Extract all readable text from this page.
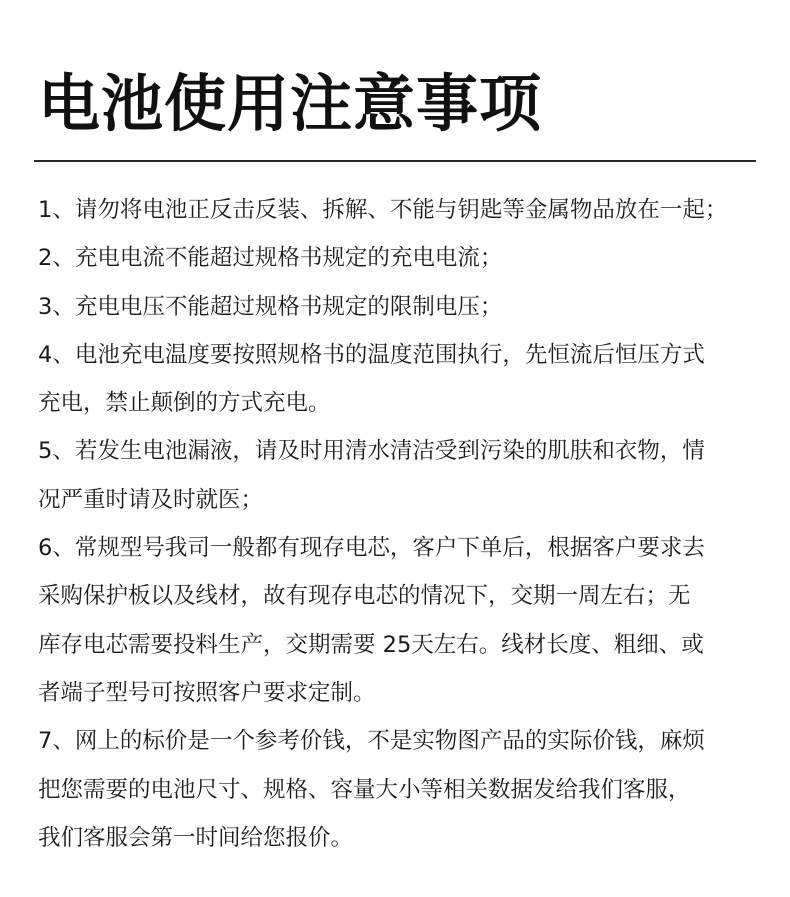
电池使用注意事项
1、请勿将电池正反击反装、拆解、不能与钥匙等金属物品放在一起；
2、充电电流不能超过规格书规定的充电电流；
3、充电电压不能超过规格书规定的限制电压；
4、电池充电温度要按照规格书的温度范围执行，先恒流后恒压方式
充电，禁止颠倒的方式充电。
5、若发生电池漏液，请及时用清水清洁受到污染的肌肤和衣物，情
况严重时请及时就医；
6、常规型号我司一般都有现存电芯，客户下单后，根据客户要求去
采购保护板以及线材，故有现存电芯的情况下，交期一周左右；无
库存电芯需要投料生产，交期需要 25天左右。线材长度、粗细、或
者端子型号可按照客户要求定制。
7、网上的标价是一个参考价钱，不是实物图产品的实际价钱，麻烦
把您需要的电池尺寸、规格、容量大小等相关数据发给我们客服，
我们客服会第一时间给您报价。
